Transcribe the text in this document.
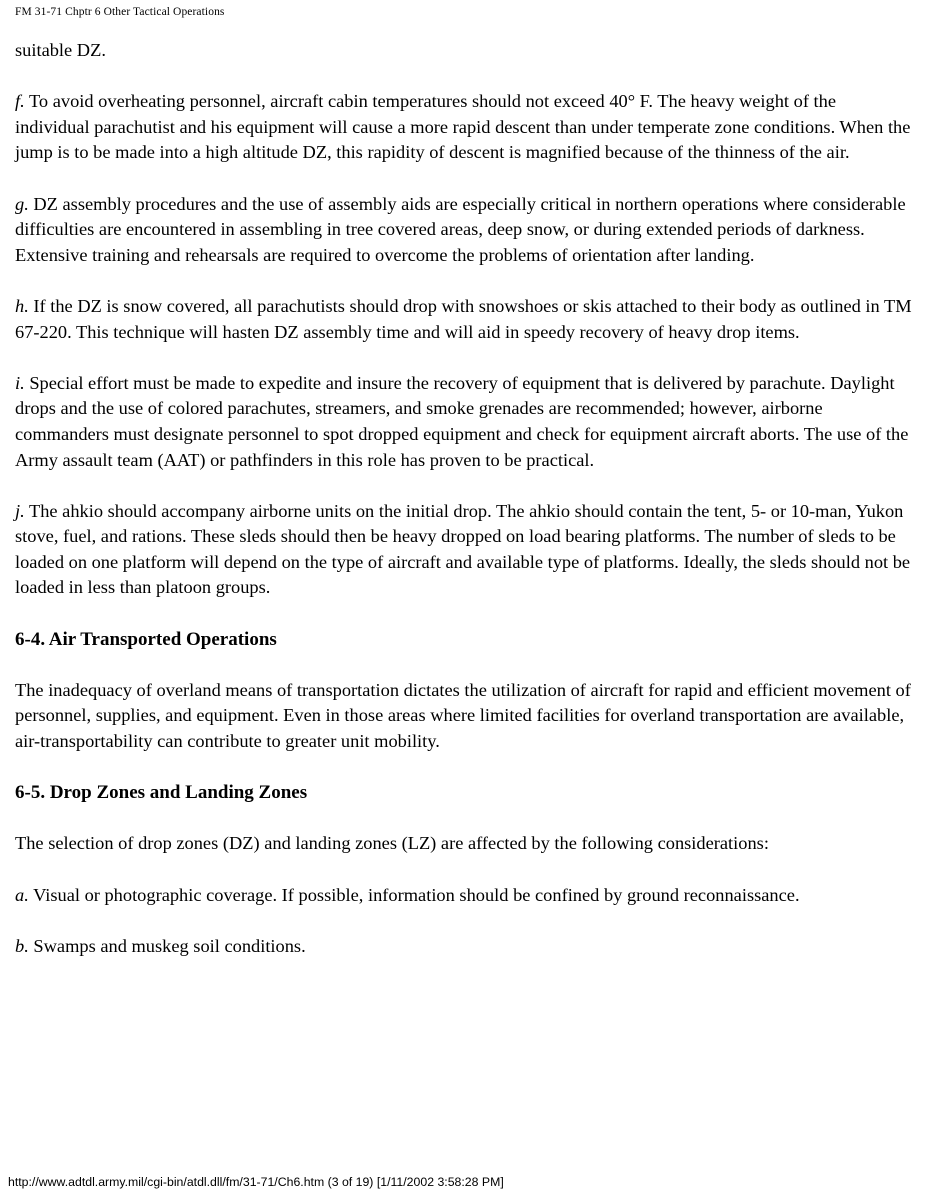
FM 31-71 Chptr 6 Other Tactical Operations

suitable DZ.

f. To avoid overheating personnel, aircraft cabin temperatures should not exceed 40° F. The heavy weight of the individual parachutist and his equipment will cause a more rapid descent than under temperate zone conditions. When the jump is to be made into a high altitude DZ, this rapidity of descent is magnified because of the thinness of the air.

g. DZ assembly procedures and the use of assembly aids are especially critical in northern operations where considerable difficulties are encountered in assembling in tree covered areas, deep snow, or during extended periods of darkness. Extensive training and rehearsals are required to overcome the problems of orientation after landing.

h. If the DZ is snow covered, all parachutists should drop with snowshoes or skis attached to their body as outlined in TM 67-220. This technique will hasten DZ assembly time and will aid in speedy recovery of heavy drop items.

i. Special effort must be made to expedite and insure the recovery of equipment that is delivered by parachute. Daylight drops and the use of colored parachutes, streamers, and smoke grenades are recommended; however, airborne commanders must designate personnel to spot dropped equipment and check for equipment aircraft aborts. The use of the Army assault team (AAT) or pathfinders in this role has proven to be practical.

j. The ahkio should accompany airborne units on the initial drop. The ahkio should contain the tent, 5- or 10-man, Yukon stove, fuel, and rations. These sleds should then be heavy dropped on load bearing platforms. The number of sleds to be loaded on one platform will depend on the type of aircraft and available type of platforms. Ideally, the sleds should not be loaded in less than platoon groups.

6-4. Air Transported Operations

The inadequacy of overland means of transportation dictates the utilization of aircraft for rapid and efficient movement of personnel, supplies, and equipment. Even in those areas where limited facilities for overland transportation are available, air-transportability can contribute to greater unit mobility.

6-5. Drop Zones and Landing Zones

The selection of drop zones (DZ) and landing zones (LZ) are affected by the following considerations:

a. Visual or photographic coverage. If possible, information should be confined by ground reconnaissance.

b. Swamps and muskeg soil conditions.

http://www.adtdl.army.mil/cgi-bin/atdl.dll/fm/31-71/Ch6.htm (3 of 19) [1/11/2002 3:58:28 PM]
